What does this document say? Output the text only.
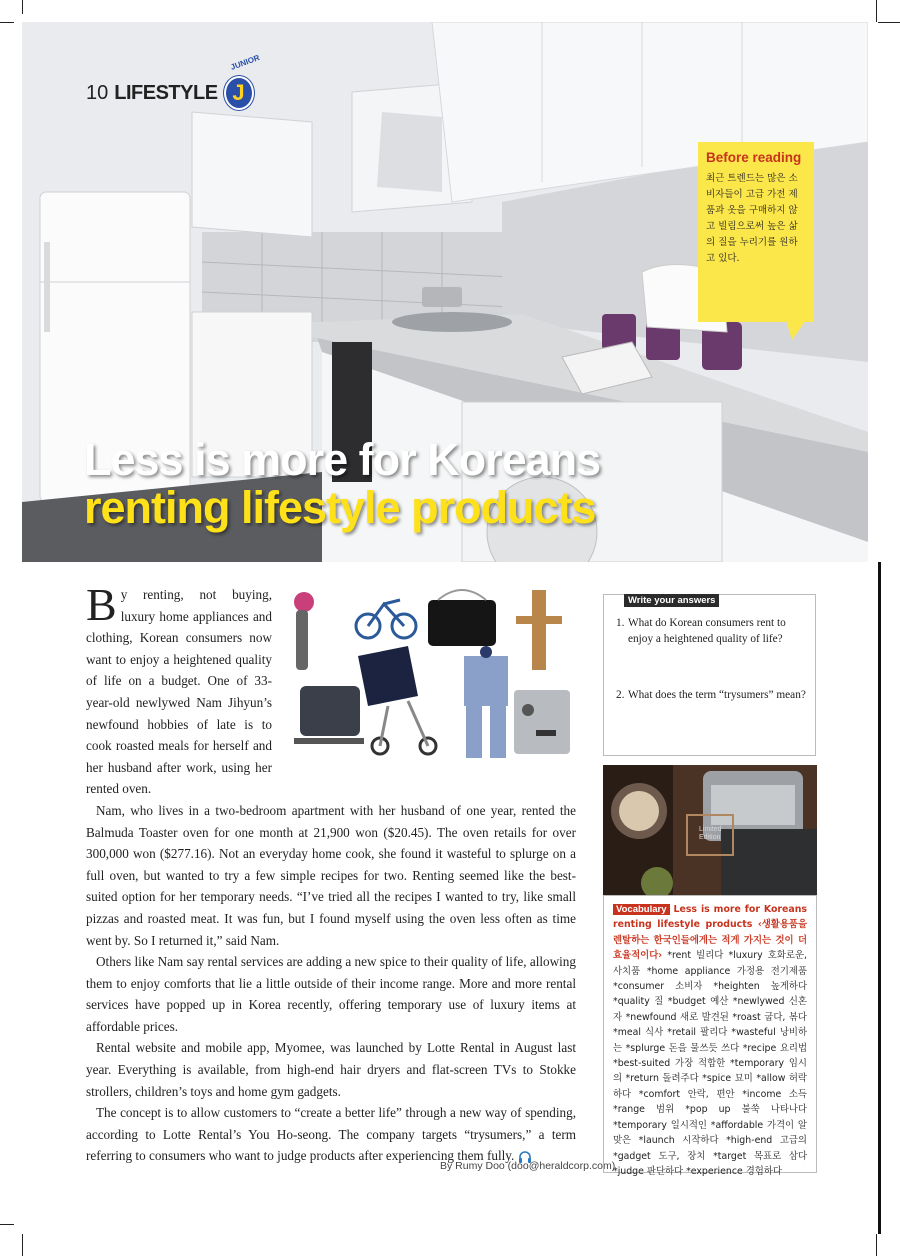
10 LIFESTYLE J
JUNIOR
Before reading
최근 트렌드는 많은 소비자들이 고급 가전 제품과 옷을 구매하지 않고 빌림으로써 높은 삶의 질을 누리기를 원하고 있다.
Less is more for Koreans
renting lifestyle products
By renting, not buying, luxury home appliances and clothing, Korean consumers now want to enjoy a heightened quality of life on a budget. One of 33-year-old newlywed Nam Jihyun’s newfound hobbies of late is to cook roasted meals for herself and her husband after work, using her rented oven.

Nam, who lives in a two-bedroom apartment with her husband of one year, rented the Balmuda Toaster oven for one month at 21,900 won ($20.45). The oven retails for over 300,000 won ($277.16). Not an everyday home cook, she found it wasteful to splurge on a full oven, but wanted to try a few simple recipes for two. Renting seemed like the best-suited option for her temporary needs. “I’ve tried all the recipes I wanted to try, like small pizzas and roasted meat. It was fun, but I found myself using the oven less often as time went by. So I returned it,” said Nam.

Others like Nam say rental services are adding a new spice to their quality of life, allowing them to enjoy comforts that lie a little outside of their income range. More and more rental services have popped up in Korea recently, offering temporary use of luxury items at affordable prices.

Rental website and mobile app, Myomee, was launched by Lotte Rental in August last year. Everything is available, from high-end hair dryers and flat-screen TVs to Stokke strollers, children’s toys and home gym gadgets.

The concept is to allow customers to “create a better life” through a new way of spending, according to Lotte Rental’s You Ho-seong. The company targets “trysumers,” a term referring to consumers who want to judge products after experiencing them fully.

By Rumy Doo (doo@heraldcorp.com)
Write your answers
1. What do Korean consumers rent to enjoy a heightened quality of life?
2. What does the term “trysumers” mean?
Limited
Edition
Vocabulary Less is more for Koreans renting lifestyle products ‹생활용품을 렌탈하는 한국인들에게는 적게 가지는 것이 더 효율적이다› *rent 빌리다 *luxury 호화로운, 사치품 *home appliance 가정용 전기제품 *consumer 소비자 *heighten 높게하다 *quality 질 *budget 예산 *newlywed 신혼자 *newfound 새로 발견된 *roast 굽다, 볶다 *meal 식사 *retail 팔리다 *wasteful 낭비하는 *splurge 돈을 물쓰듯 쓰다 *recipe 요리법 *best-suited 가장 적합한 *temporary 임시의 *return 돌려주다 *spice 묘미 *allow 허락하다 *comfort 안락, 편안 *income 소득 *range 범위 *pop up 불쑥 나타나다 *temporary 일시적인 *affordable 가격이 알맞은 *launch 시작하다 *high-end 고급의 *gadget 도구, 장치 *target 목표로 삼다 *judge 판단하다 *experience 경험하다
